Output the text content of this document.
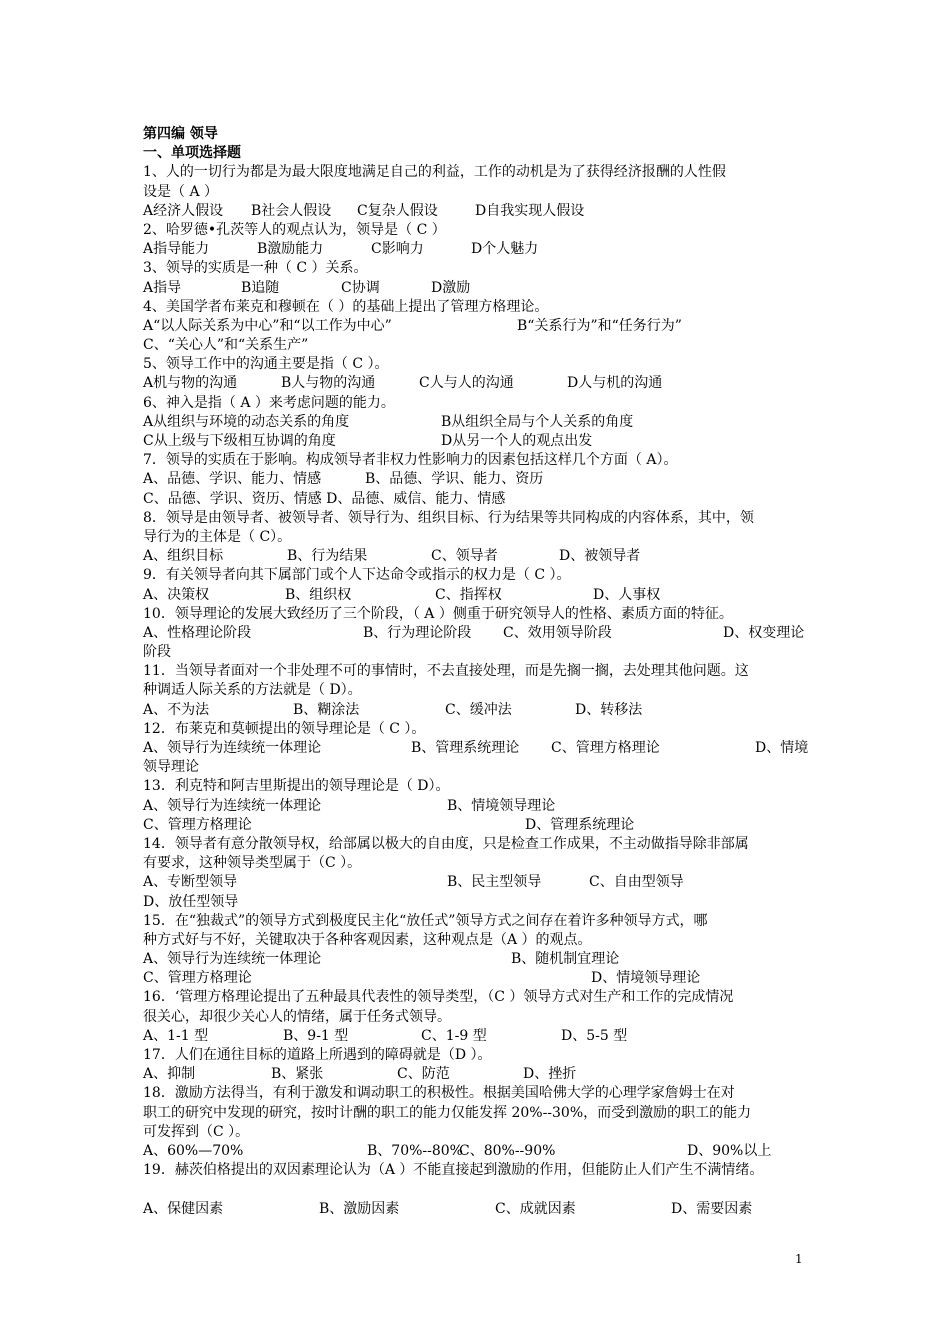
第四编 领导
一、单项选择题
1、人的一切行为都是为最大限度地满足自己的利益，工作的动机是为了获得经济报酬的人性假
设是（ A ）
A经济人假设	B社会人假设	C复杂人假设	D自我实现人假设
2、哈罗德•孔茨等人的观点认为，领导是（ C ）
A指导能力	B激励能力	C影响力	D个人魅力
3、领导的实质是一种（ C ）关系。
A指导	B追随	C协调	D激励
4、美国学者布莱克和穆顿在（ ）的基础上提出了管理方格理论。
A“以人际关系为中心”和“以工作为中心”	B“关系行为”和“任务行为”
C、“关心人”和“关系生产”
5、领导工作中的沟通主要是指（ C ）。
A机与物的沟通	B人与物的沟通	C人与人的沟通	D人与机的沟通
6、神入是指（ A ）来考虑问题的能力。
A从组织与环境的动态关系的角度	B从组织全局与个人关系的角度
C从上级与下级相互协调的角度	D从另一个人的观点出发
7．领导的实质在于影响。构成领导者非权力性影响力的因素包括这样几个方面（ A）。
A、品德、学识、能力、情感	B、品德、学识、能力、资历
C、品德、学识、资历、情感 D、品德、威信、能力、情感
8．领导是由领导者、被领导者、领导行为、组织目标、行为结果等共同构成的内容体系，其中，领
导行为的主体是（ C）。
A、组织目标	B、行为结果	C、领导者	D、被领导者
9．有关领导者向其下属部门或个人下达命令或指示的权力是（ C ）。
A、决策权	B、组织权	C、指挥权	D、人事权
10．领导理论的发展大致经历了三个阶段，（ A ）侧重于研究领导人的性格、素质方面的特征。
A、性格理论阶段	B、行为理论阶段	C、效用领导阶段	D、权变理论
阶段
11．当领导者面对一个非处理不可的事情时，不去直接处理，而是先搁一搁，去处理其他问题。这
种调适人际关系的方法就是（ D）。
A、不为法	B、糊涂法	C、缓冲法	D、转移法
12．布莱克和莫顿提出的领导理论是（ C ）。
A、领导行为连续统一体理论	B、管理系统理论	C、管理方格理论	D、情境
领导理论
13．利克特和阿吉里斯提出的领导理论是（ D）。
A、领导行为连续统一体理论	B、情境领导理论
C、管理方格理论	D、管理系统理论
14．领导者有意分散领导权，给部属以极大的自由度，只是检查工作成果，不主动做指导除非部属
有要求，这种领导类型属于（C ）。
A、专断型领导	B、民主型领导	C、自由型领导
D、放任型领导
15．在“独裁式”的领导方式到极度民主化“放任式”领导方式之间存在着许多种领导方式，哪
种方式好与不好，关键取决于各种客观因素，这种观点是（A ）的观点。
A、领导行为连续统一体理论	B、随机制宜理论
C、管理方格理论	D、情境领导理论
16．‘管理方格理论提出了五种最具代表性的领导类型，（C ）领导方式对生产和工作的完成情况
很关心，却很少关心人的情绪，属于任务式领导。
A、1-1 型	B、9-1 型	C、1-9 型	D、5-5 型
17．人们在通往目标的道路上所遇到的障碍就是（D ）。
A、抑制	B、紧张	C、防范	D、挫折
18．激励方法得当，有利于激发和调动职工的积极性。根据美国哈佛大学的心理学家詹姆士在对
职工的研究中发现的研究，按时计酬的职工的能力仅能发挥 20%--30%，而受到激励的职工的能力
可发挥到（C ）。
A、60%—70%	B、70%--80%
C、80%--90%	D、90%以上
19．赫茨伯格提出的双因素理论认为（A ）不能直接起到激励的作用，但能防止人们产生不满情绪。
A、保健因素	B、激励因素	C、成就因素	D、需要因素
1
